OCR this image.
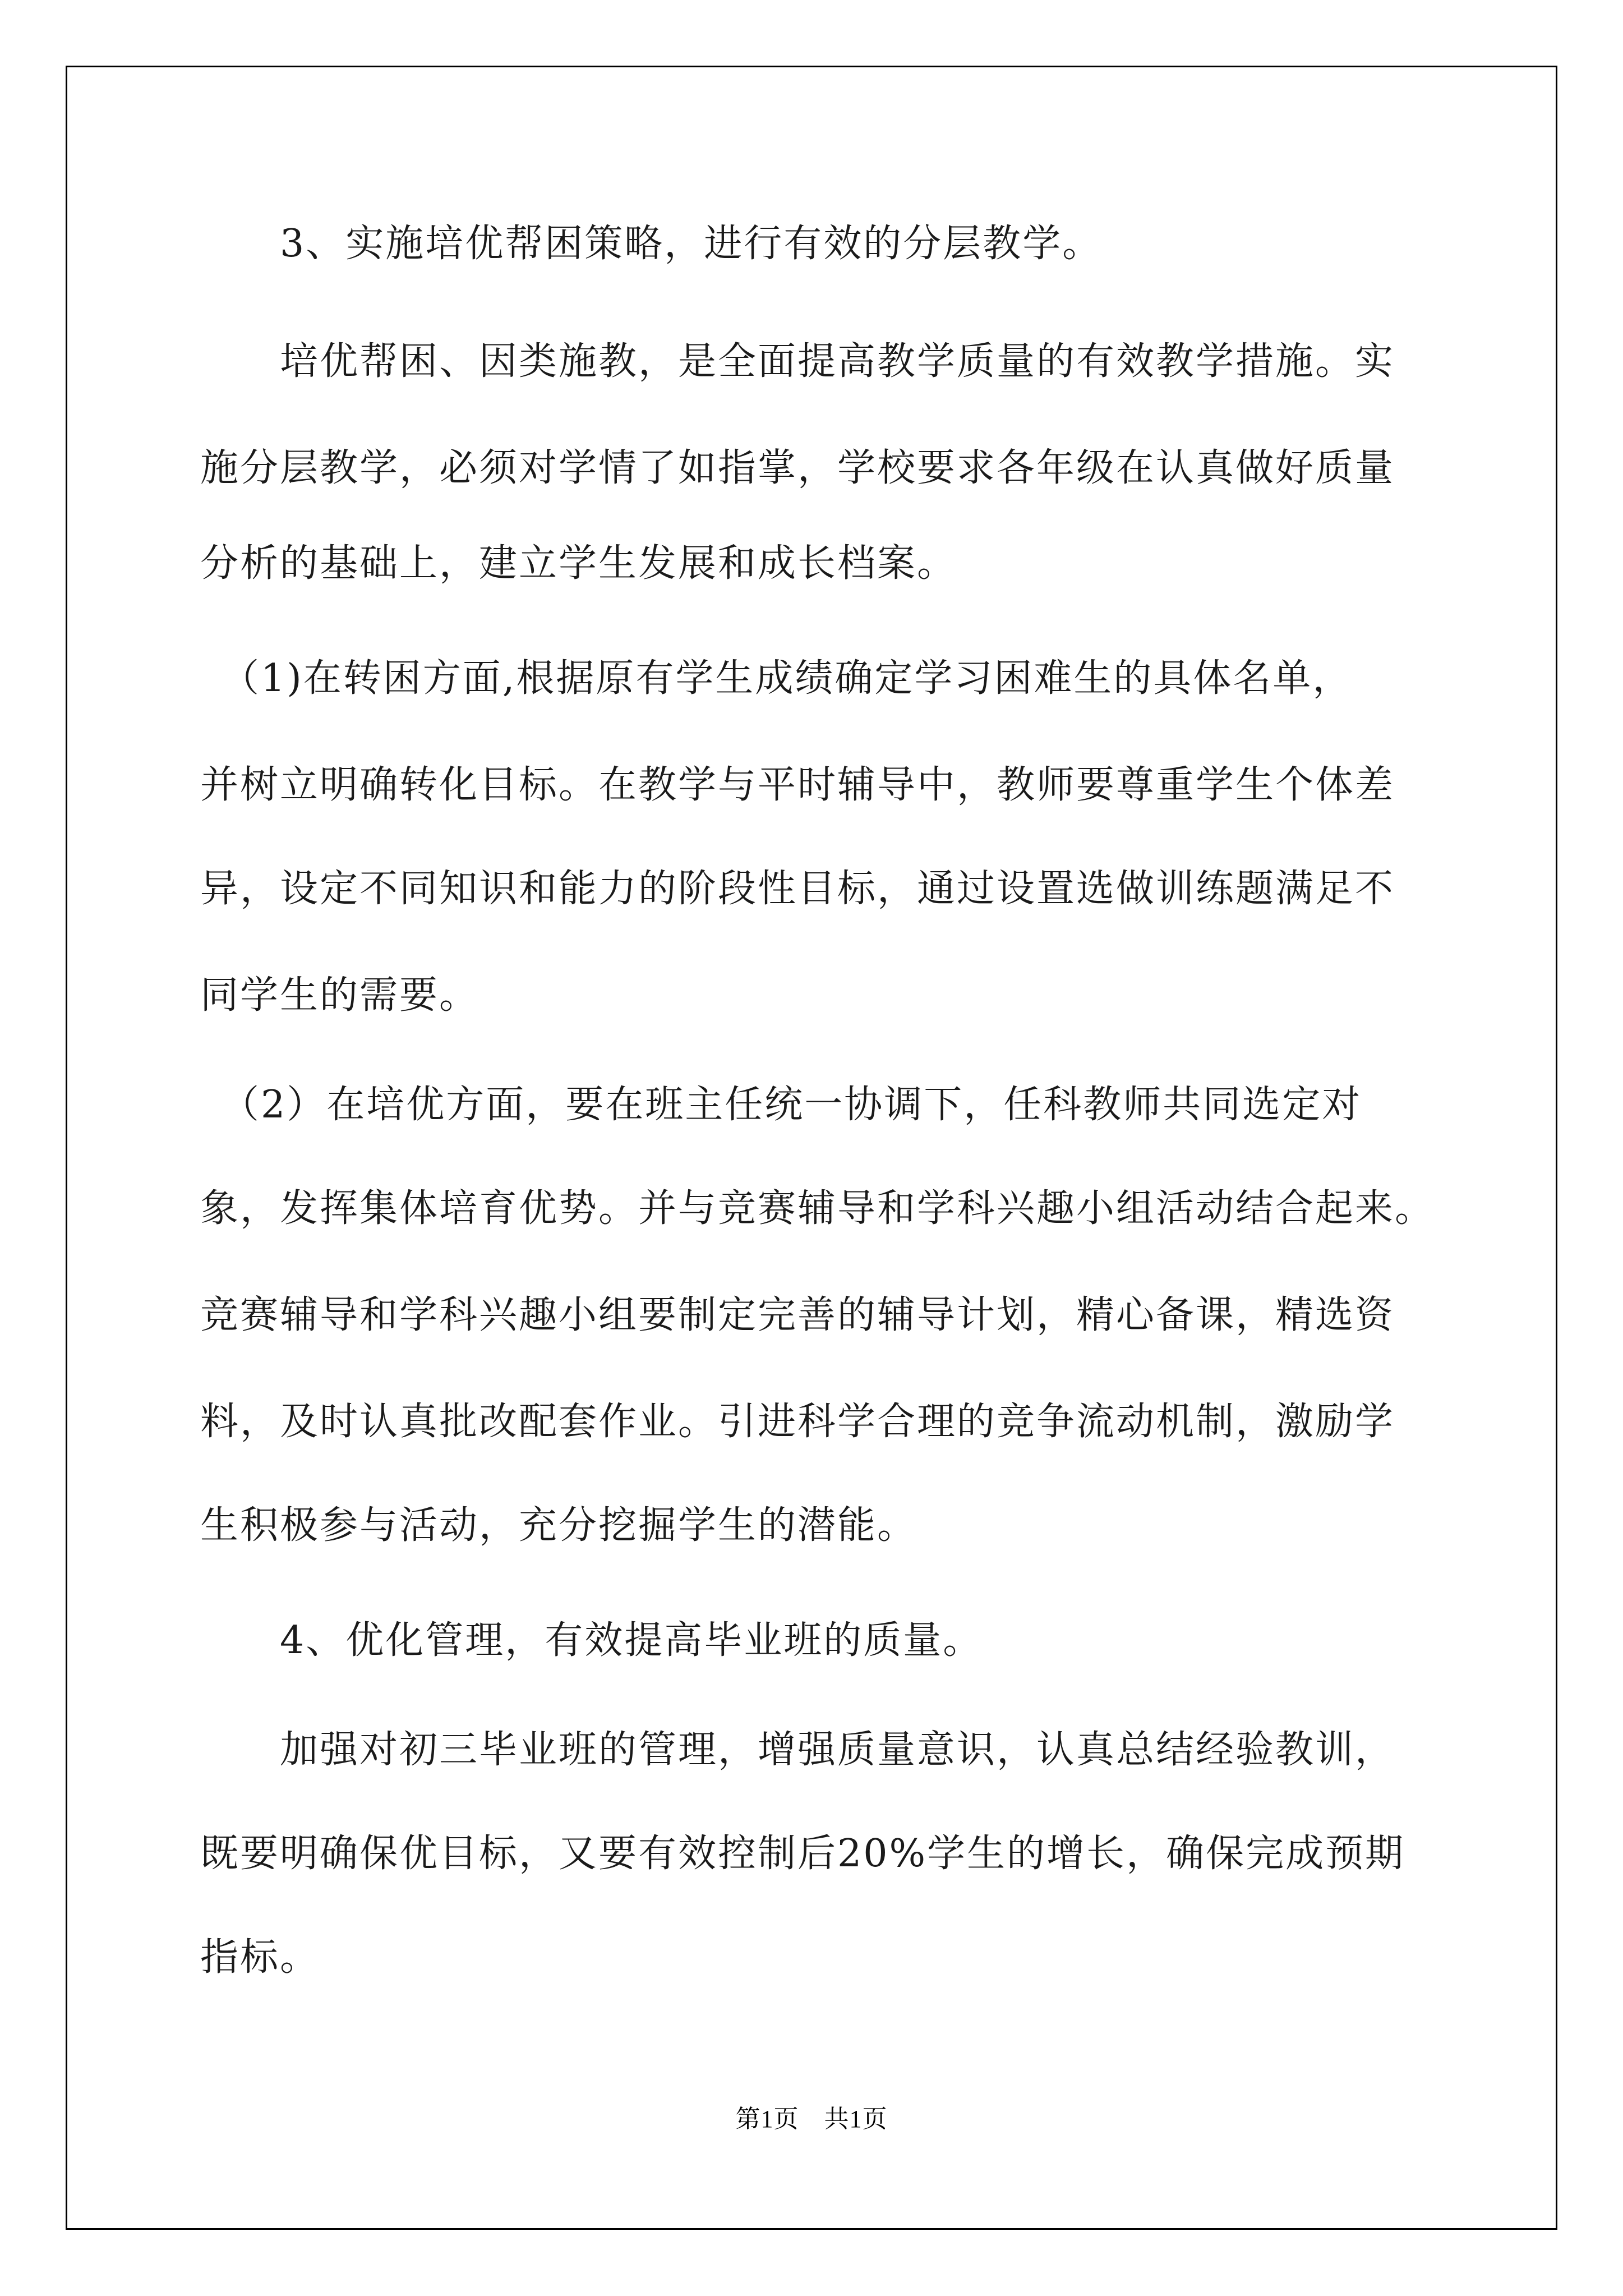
　　3、实施培优帮困策略，进行有效的分层教学。
　　培优帮困、因类施教，是全面提高教学质量的有效教学措施。实
施分层教学，必须对学情了如指掌，学校要求各年级在认真做好质量
分析的基础上，建立学生发展和成长档案。
　（1)在转困方面,根据原有学生成绩确定学习困难生的具体名单，
并树立明确转化目标。在教学与平时辅导中，教师要尊重学生个体差
异，设定不同知识和能力的阶段性目标，通过设置选做训练题满足不
同学生的需要。
　（2）在培优方面，要在班主任统一协调下，任科教师共同选定对
象，发挥集体培育优势。并与竞赛辅导和学科兴趣小组活动结合起来。
竞赛辅导和学科兴趣小组要制定完善的辅导计划，精心备课，精选资
料，及时认真批改配套作业。引进科学合理的竞争流动机制，激励学
生积极参与活动，充分挖掘学生的潜能。
　　4、优化管理，有效提高毕业班的质量。
　　加强对初三毕业班的管理，增强质量意识，认真总结经验教训，
既要明确保优目标，又要有效控制后20%学生的增长，确保完成预期
指标。
第1页　共1页
